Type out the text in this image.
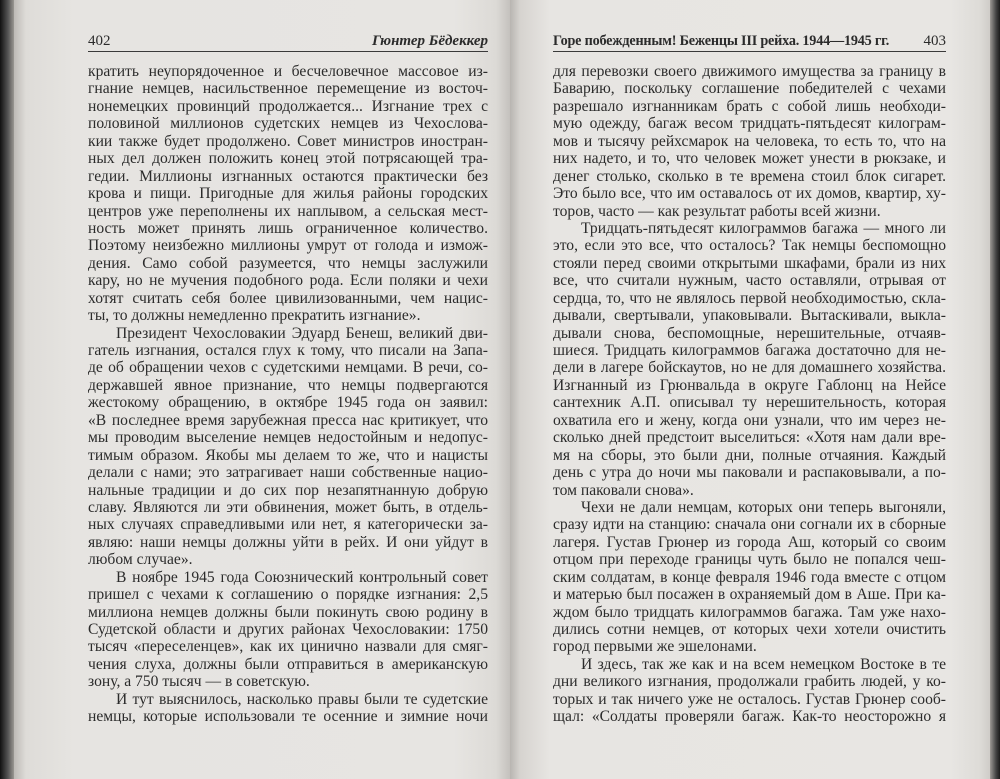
402	Гюнтер Бёдеккер
кратить неупорядоченное и бесчеловечное массовое из-
гнание немцев, насильственное перемещение из восточ-
нонемецких провинций продолжается... Изгнание трех с
половиной миллионов судетских немцев из Чехослова-
кии также будет продолжено. Совет министров иностран-
ных дел должен положить конец этой потрясающей тра-
гедии. Миллионы изгнанных остаются практически без
крова и пищи. Пригодные для жилья районы городских
центров уже переполнены их наплывом, а сельская мест-
ность может принять лишь ограниченное количество.
Поэтому неизбежно миллионы умрут от голода и измож-
дения. Само собой разумеется, что немцы заслужили
кару, но не мучения подобного рода. Если поляки и чехи
хотят считать себя более цивилизованными, чем нацис-
ты, то должны немедленно прекратить изгнание».
Президент Чехословакии Эдуард Бенеш, великий дви-
гатель изгнания, остался глух к тому, что писали на Запа-
де об обращении чехов с судетскими немцами. В речи, со-
державшей явное признание, что немцы подвергаются
жестокому обращению, в октябре 1945 года он заявил:
«В последнее время зарубежная пресса нас критикует, что
мы проводим выселение немцев недостойным и недопус-
тимым образом. Якобы мы делаем то же, что и нацисты
делали с нами; это затрагивает наши собственные нацио-
нальные традиции и до сих пор незапятнанную добрую
славу. Являются ли эти обвинения, может быть, в отдель-
ных случаях справедливыми или нет, я категорически за-
являю: наши немцы должны уйти в рейх. И они уйдут в
любом случае».
В ноябре 1945 года Союзнический контрольный совет
пришел с чехами к соглашению о порядке изгнания: 2,5
миллиона немцев должны были покинуть свою родину в
Судетской области и других районах Чехословакии: 1750
тысяч «переселенцев», как их цинично назвали для смяг-
чения слуха, должны были отправиться в американскую
зону, а 750 тысяч — в советскую.
И тут выяснилось, насколько правы были те судетские
немцы, которые использовали те осенние и зимние ночи
Горе побежденным! Беженцы III рейха. 1944—1945 гг. 403
для перевозки своего движимого имущества за границу в
Баварию, поскольку соглашение победителей с чехами
разрешало изгнанникам брать с собой лишь необходи-
мую одежду, багаж весом тридцать-пятьдесят килограм-
мов и тысячу рейхсмарок на человека, то есть то, что на
них надето, и то, что человек может унести в рюкзаке, и
денег столько, сколько в те времена стоил блок сигарет.
Это было все, что им оставалось от их домов, квартир, ху-
торов, часто — как результат работы всей жизни.
Тридцать-пятьдесят килограммов багажа — много ли
это, если это все, что осталось? Так немцы беспомощно
стояли перед своими открытыми шкафами, брали из них
все, что считали нужным, часто оставляли, отрывая от
сердца, то, что не являлось первой необходимостью, скла-
дывали, свертывали, упаковывали. Вытаскивали, выкла-
дывали снова, беспомощные, нерешительные, отчаяв-
шиеся. Тридцать килограммов багажа достаточно для не-
дели в лагере бойскаутов, но не для домашнего хозяйства.
Изгнанный из Грюнвальда в округе Габлонц на Нейсе
сантехник А.П. описывал ту нерешительность, которая
охватила его и жену, когда они узнали, что им через не-
сколько дней предстоит выселиться: «Хотя нам дали вре-
мя на сборы, это были дни, полные отчаяния. Каждый
день с утра до ночи мы паковали и распаковывали, а по-
том паковали снова».
Чехи не дали немцам, которых они теперь выгоняли,
сразу идти на станцию: сначала они согнали их в сборные
лагеря. Густав Грюнер из города Аш, который со своим
отцом при переходе границы чуть было не попался чеш-
ским солдатам, в конце февраля 1946 года вместе с отцом
и матерью был посажен в охраняемый дом в Аше. При ка-
ждом было тридцать килограммов багажа. Там уже нахо-
дились сотни немцев, от которых чехи хотели очистить
город первыми же эшелонами.
И здесь, так же как и на всем немецком Востоке в те
дни великого изгнания, продолжали грабить людей, у ко-
торых и так ничего уже не осталось. Густав Грюнер сооб-
щал: «Солдаты проверяли багаж. Как-то неосторожно я
